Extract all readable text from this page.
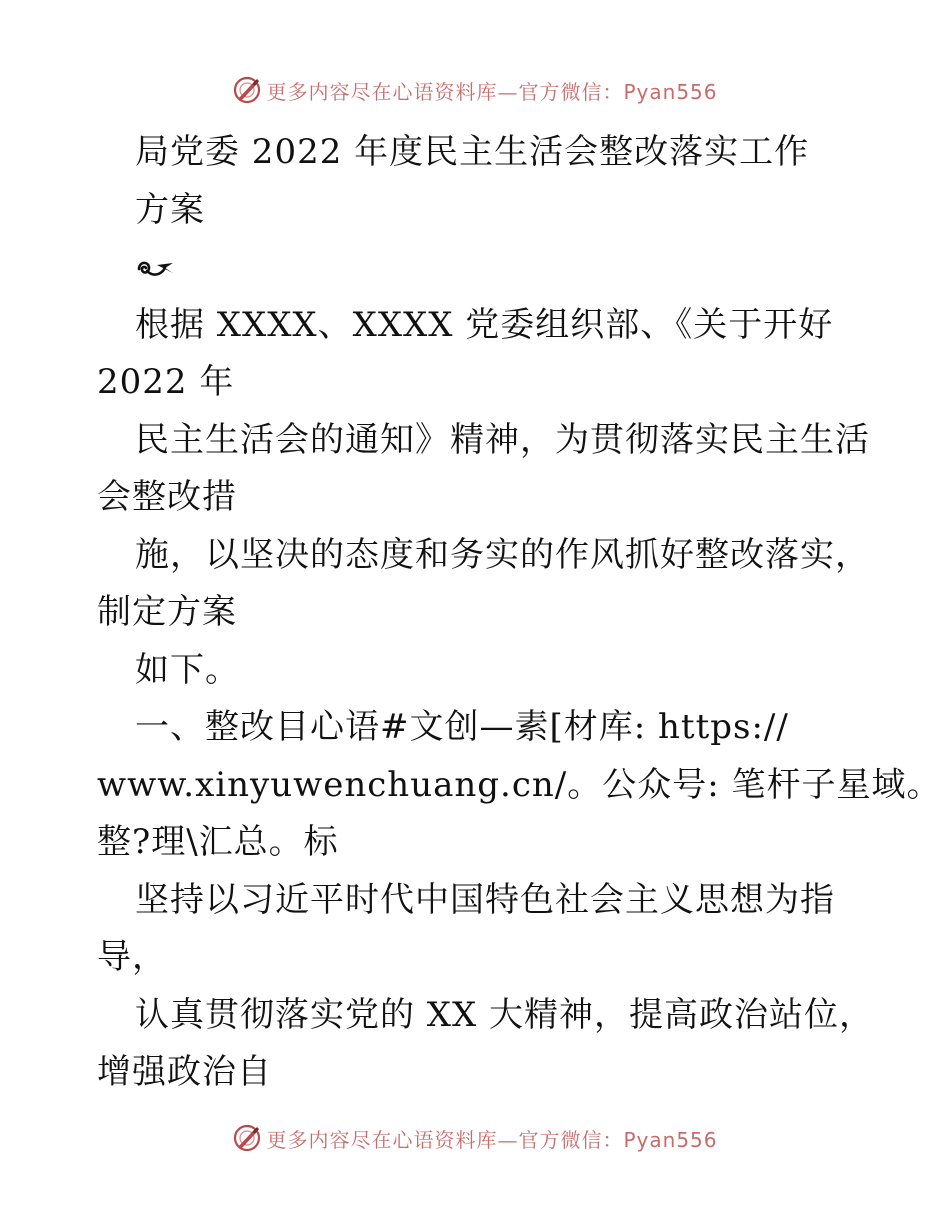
更多内容尽在心语资料库—官方微信：Pyan556
局党委 2022 年度民主生活会整改落实工作
方案
根据 XXXX、XXXX 党委组织部、《关于开好
2022 年
民主生活会的通知》精神，为贯彻落实民主生活
会整改措
施，以坚决的态度和务实的作风抓好整改落实，
制定方案
如下。
一、整改目心语#文创—素[材库: https://
www.xinyuwenchuang.cn/。公众号: 笔杆子星域。
整?理\汇总。标
坚持以习近平时代中国特色社会主义思想为指
导，
认真贯彻落实党的 XX 大精神，提高政治站位，
增强政治自
更多内容尽在心语资料库—官方微信：Pyan556
